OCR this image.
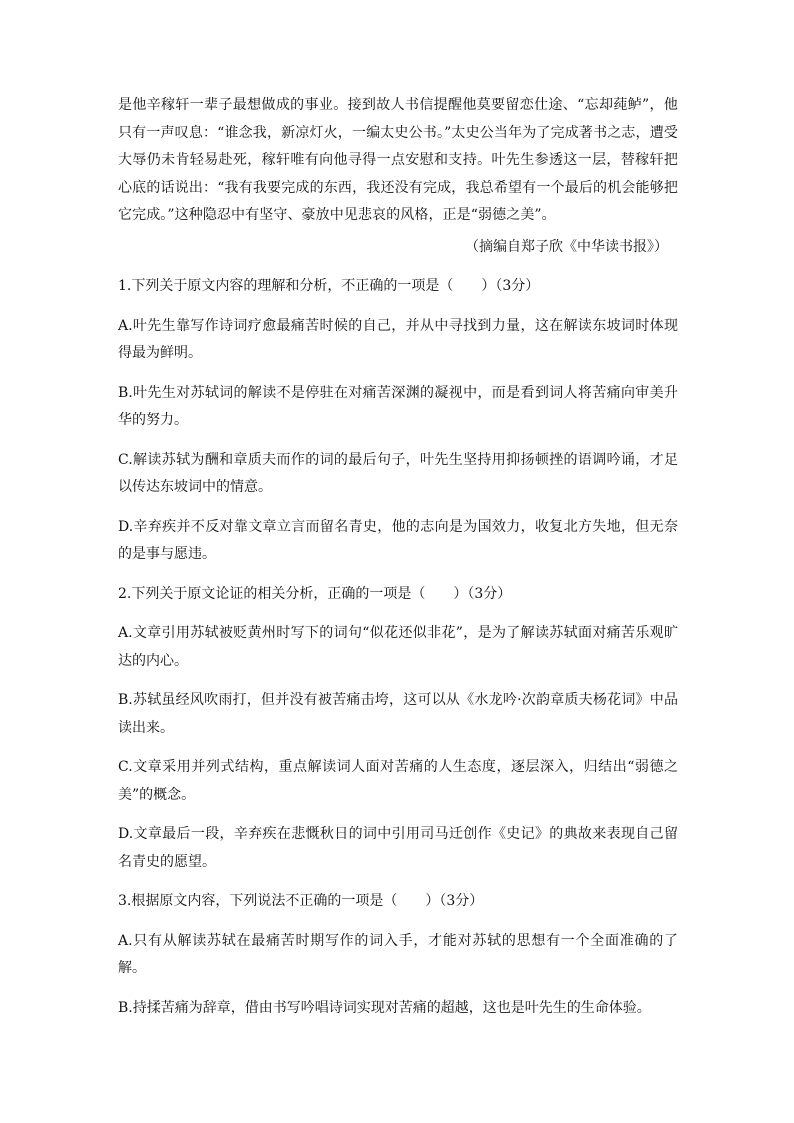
是他辛稼轩一辈子最想做成的事业。接到故人书信提醒他莫要留恋仕途、“忘却莼鲈”，他只有一声叹息：“谁念我，新凉灯火，一编太史公书。”太史公当年为了完成著书之志，遭受大辱仍未肯轻易赴死，稼轩唯有向他寻得一点安慰和支持。叶先生参透这一层，替稼轩把心底的话说出：“我有我要完成的东西，我还没有完成，我总希望有一个最后的机会能够把它完成。”这种隐忍中有坚守、豪放中见悲哀的风格，正是“弱德之美”。

（摘编自郑子欣《中华读书报》）

1.下列关于原文内容的理解和分析，不正确的一项是（　　）（3分）

A.叶先生靠写作诗词疗愈最痛苦时候的自己，并从中寻找到力量，这在解读东坡词时体现得最为鲜明。

B.叶先生对苏轼词的解读不是停驻在对痛苦深渊的凝视中，而是看到词人将苦痛向审美升华的努力。

C.解读苏轼为酬和章质夫而作的词的最后句子，叶先生坚持用抑扬顿挫的语调吟诵，才足以传达东坡词中的情意。

D.辛弃疾并不反对靠文章立言而留名青史，他的志向是为国效力，收复北方失地，但无奈的是事与愿违。

2.下列关于原文论证的相关分析，正确的一项是（　　）（3分）

A.文章引用苏轼被贬黄州时写下的词句“似花还似非花”，是为了解读苏轼面对痛苦乐观旷达的内心。

B.苏轼虽经风吹雨打，但并没有被苦痛击垮，这可以从《水龙吟·次韵章质夫杨花词》中品读出来。

C.文章采用并列式结构，重点解读词人面对苦痛的人生态度，逐层深入，归结出“弱德之美”的概念。

D.文章最后一段，辛弃疾在悲慨秋日的词中引用司马迁创作《史记》的典故来表现自己留名青史的愿望。

3.根据原文内容，下列说法不正确的一项是（　　）（3分）

A.只有从解读苏轼在最痛苦时期写作的词入手，才能对苏轼的思想有一个全面准确的了解。

B.持揉苦痛为辞章，借由书写吟唱诗词实现对苦痛的超越，这也是叶先生的生命体验。
